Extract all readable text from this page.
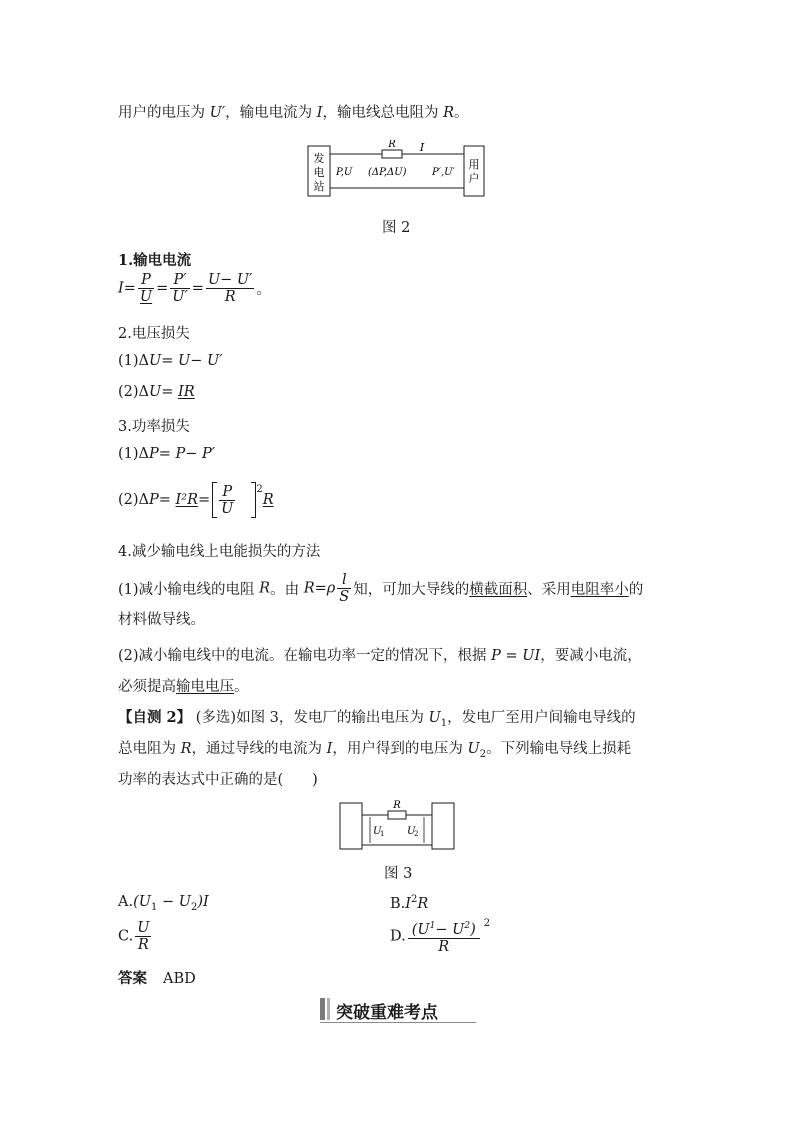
用户的电压为 U′，输电电流为 I，输电线总电阻为 R。
发
电
站
用
户
R I
P,U (ΔP,ΔU)	P′,U′
图 2
1.输电电流
$I= \frac{P}{U} = \frac{P'}{U'} = \frac{U- U'}{R}$ 。
2.电压损失
(1)ΔU= U− U′
(2)ΔU= IR
3.功率损失
(1)ΔP= P− P′
$(2)\Delta P= I^2R= \frac{P}{U} ^2R$
4.减少输电线上电能损失的方法
(1)减小输电线的电阻 R。由 $R=\rho \frac{l}{S}$ 知，可加大导线的横截面积、采用电阻率小的
材料做导线。
(2)减小输电线中的电流。在输电功率一定的情况下，根据 P = UI，要减小电流，
必须提高输电电压。
【自测 2】 (多选)如图 3，发电厂的输出电压为 $U_1$，发电厂至用户间输电导线的
总电阻为 R，通过导线的电流为 I，用户得到的电压为 $U_2$。下列输电导线上损耗
功率的表达式中正确的是(　　)
R
U
1 U
2
图 3
$A.(U_1 - U_2)I$	$B.I^2R$
C. $\frac{U}{R}$	D. $\frac{(U^1- U^2)}{R} ^2$
答案 ABD
突破重难考点
